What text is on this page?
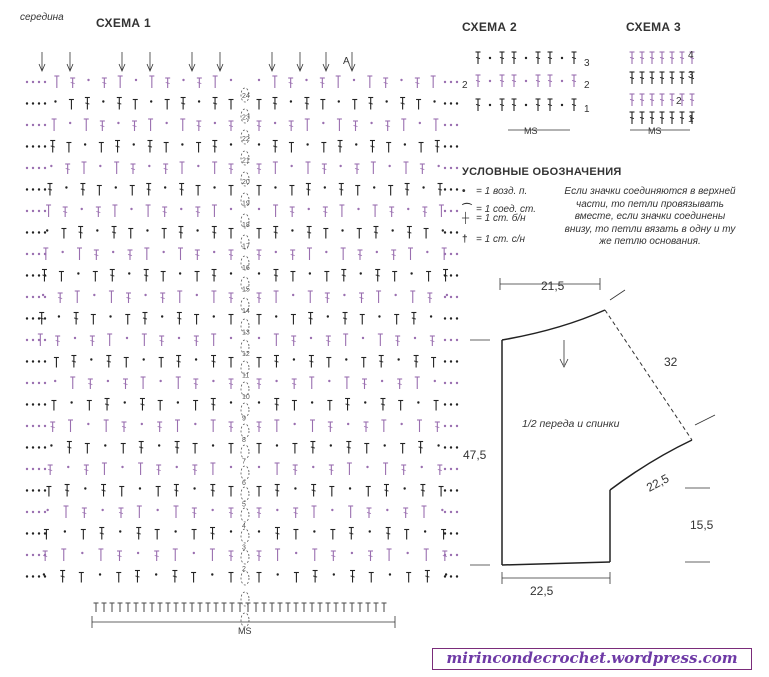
середина	СХЕМА 1
24
23
22
21
20
19
18
17
16
15
14
13
12
11
10
9
8
7
6
5
4
3
2
А
MS
СХЕМА 2
3
2	2
1
MS
СХЕМА 3
4
3
2
1
MS
УСЛОВНЫЕ ОБОЗНАЧЕНИЯ
• = 1 возд. п.
⌒ = 1 соед. ст.
┼ = 1 ст. б/н
† = 1 ст. с/н
Если значки соединяются в верхней части, то петли провязывать вместе, если значки соединены внизу, то петли вязать в одну и ту же петлю основания.
21,5
32
47,5
22,5
15,5
22,5
1/2 переда и спинки
mirincondecrochet.wordpress.com
